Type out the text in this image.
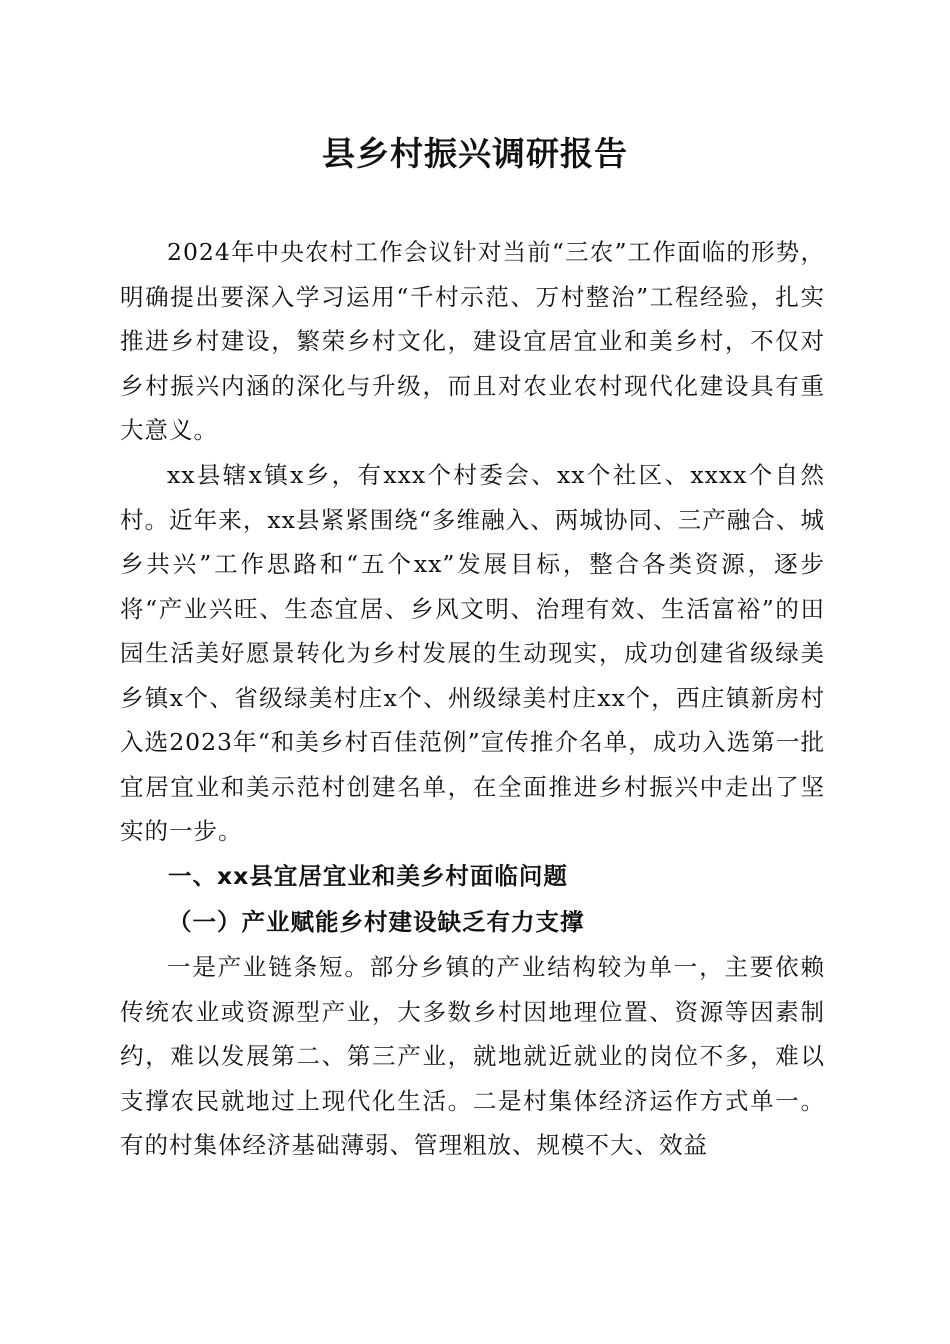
县乡村振兴调研报告

2024年中央农村工作会议针对当前“三农”工作面临的形势，明确提出要深入学习运用“千村示范、万村整治”工程经验，扎实推进乡村建设，繁荣乡村文化，建设宜居宜业和美乡村，不仅对乡村振兴内涵的深化与升级，而且对农业农村现代化建设具有重大意义。

xx县辖x镇x乡，有xxx个村委会、xx个社区、xxxx个自然村。近年来，xx县紧紧围绕“多维融入、两城协同、三产融合、城乡共兴”工作思路和“五个xx”发展目标，整合各类资源，逐步将“产业兴旺、生态宜居、乡风文明、治理有效、生活富裕”的田园生活美好愿景转化为乡村发展的生动现实，成功创建省级绿美乡镇x个、省级绿美村庄x个、州级绿美村庄xx个，西庄镇新房村入选2023年“和美乡村百佳范例”宣传推介名单，成功入选第一批宜居宜业和美示范村创建名单，在全面推进乡村振兴中走出了坚实的一步。

一、xx县宜居宜业和美乡村面临问题
（一）产业赋能乡村建设缺乏有力支撑

一是产业链条短。部分乡镇的产业结构较为单一，主要依赖传统农业或资源型产业，大多数乡村因地理位置、资源等因素制约，难以发展第二、第三产业，就地就近就业的岗位不多，难以支撑农民就地过上现代化生活。二是村集体经济运作方式单一。有的村集体经济基础薄弱、管理粗放、规模不大、效益
